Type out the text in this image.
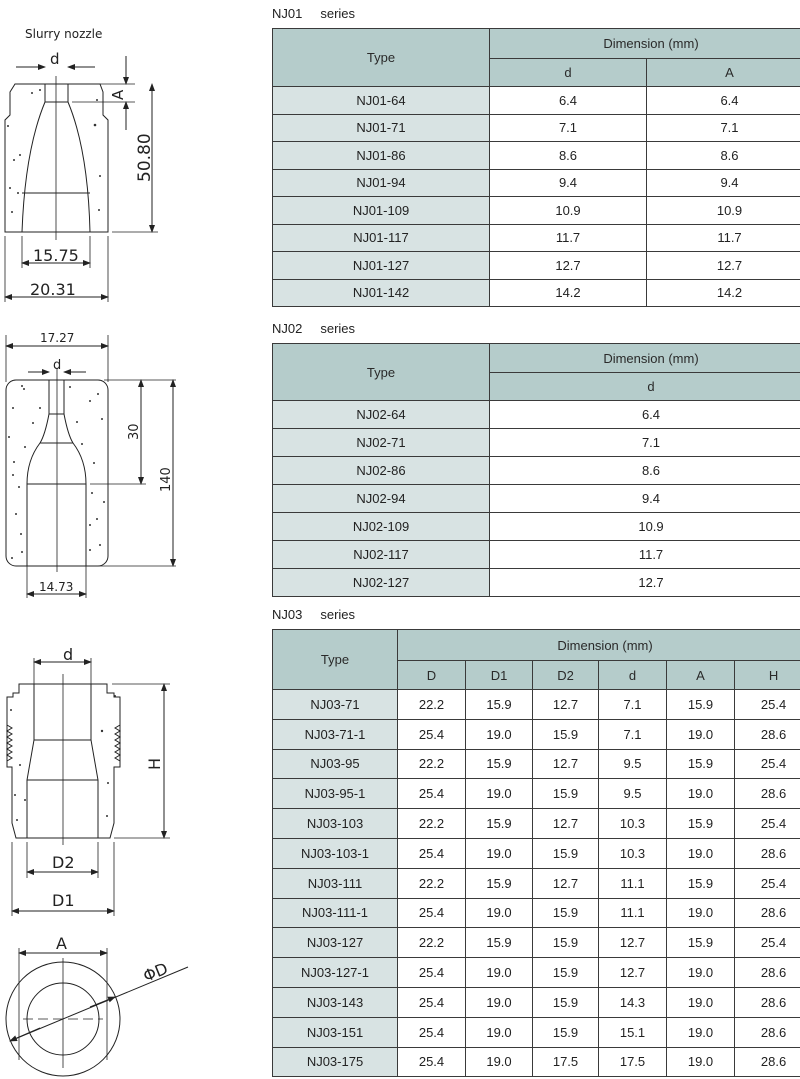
Slurry nozzle
d
A
50.80
15.75
20.31
17.27
d
30
140
14.73
d
H
D2
D1
A
ΦD
NJ01 series
Type	Dimension (mm)	
	d	A
NJ01-64	6.4	6.4
NJ01-71	7.1	7.1
NJ01-86	8.6	8.6
NJ01-94	9.4	9.4
NJ01-109	10.9	10.9
NJ01-117	11.7	11.7
NJ01-127	12.7	12.7
NJ01-142	14.2	14.2
NJ02 series
Type	Dimension (mm)
	d
NJ02-64	6.4
NJ02-71	7.1
NJ02-86	8.6
NJ02-94	9.4
NJ02-109	10.9
NJ02-117	11.7
NJ02-127	12.7
NJ03 series
Type	Dimension (mm)					
	D	D1	D2	d	A	H
NJ03-71	22.2	15.9	12.7	7.1	15.9	25.4
NJ03-71-1	25.4	19.0	15.9	7.1	19.0	28.6
NJ03-95	22.2	15.9	12.7	9.5	15.9	25.4
NJ03-95-1	25.4	19.0	15.9	9.5	19.0	28.6
NJ03-103	22.2	15.9	12.7	10.3	15.9	25.4
NJ03-103-1	25.4	19.0	15.9	10.3	19.0	28.6
NJ03-111	22.2	15.9	12.7	11.1	15.9	25.4
NJ03-111-1	25.4	19.0	15.9	11.1	19.0	28.6
NJ03-127	22.2	15.9	15.9	12.7	15.9	25.4
NJ03-127-1	25.4	19.0	15.9	12.7	19.0	28.6
NJ03-143	25.4	19.0	15.9	14.3	19.0	28.6
NJ03-151	25.4	19.0	15.9	15.1	19.0	28.6
NJ03-175	25.4	19.0	17.5	17.5	19.0	28.6
